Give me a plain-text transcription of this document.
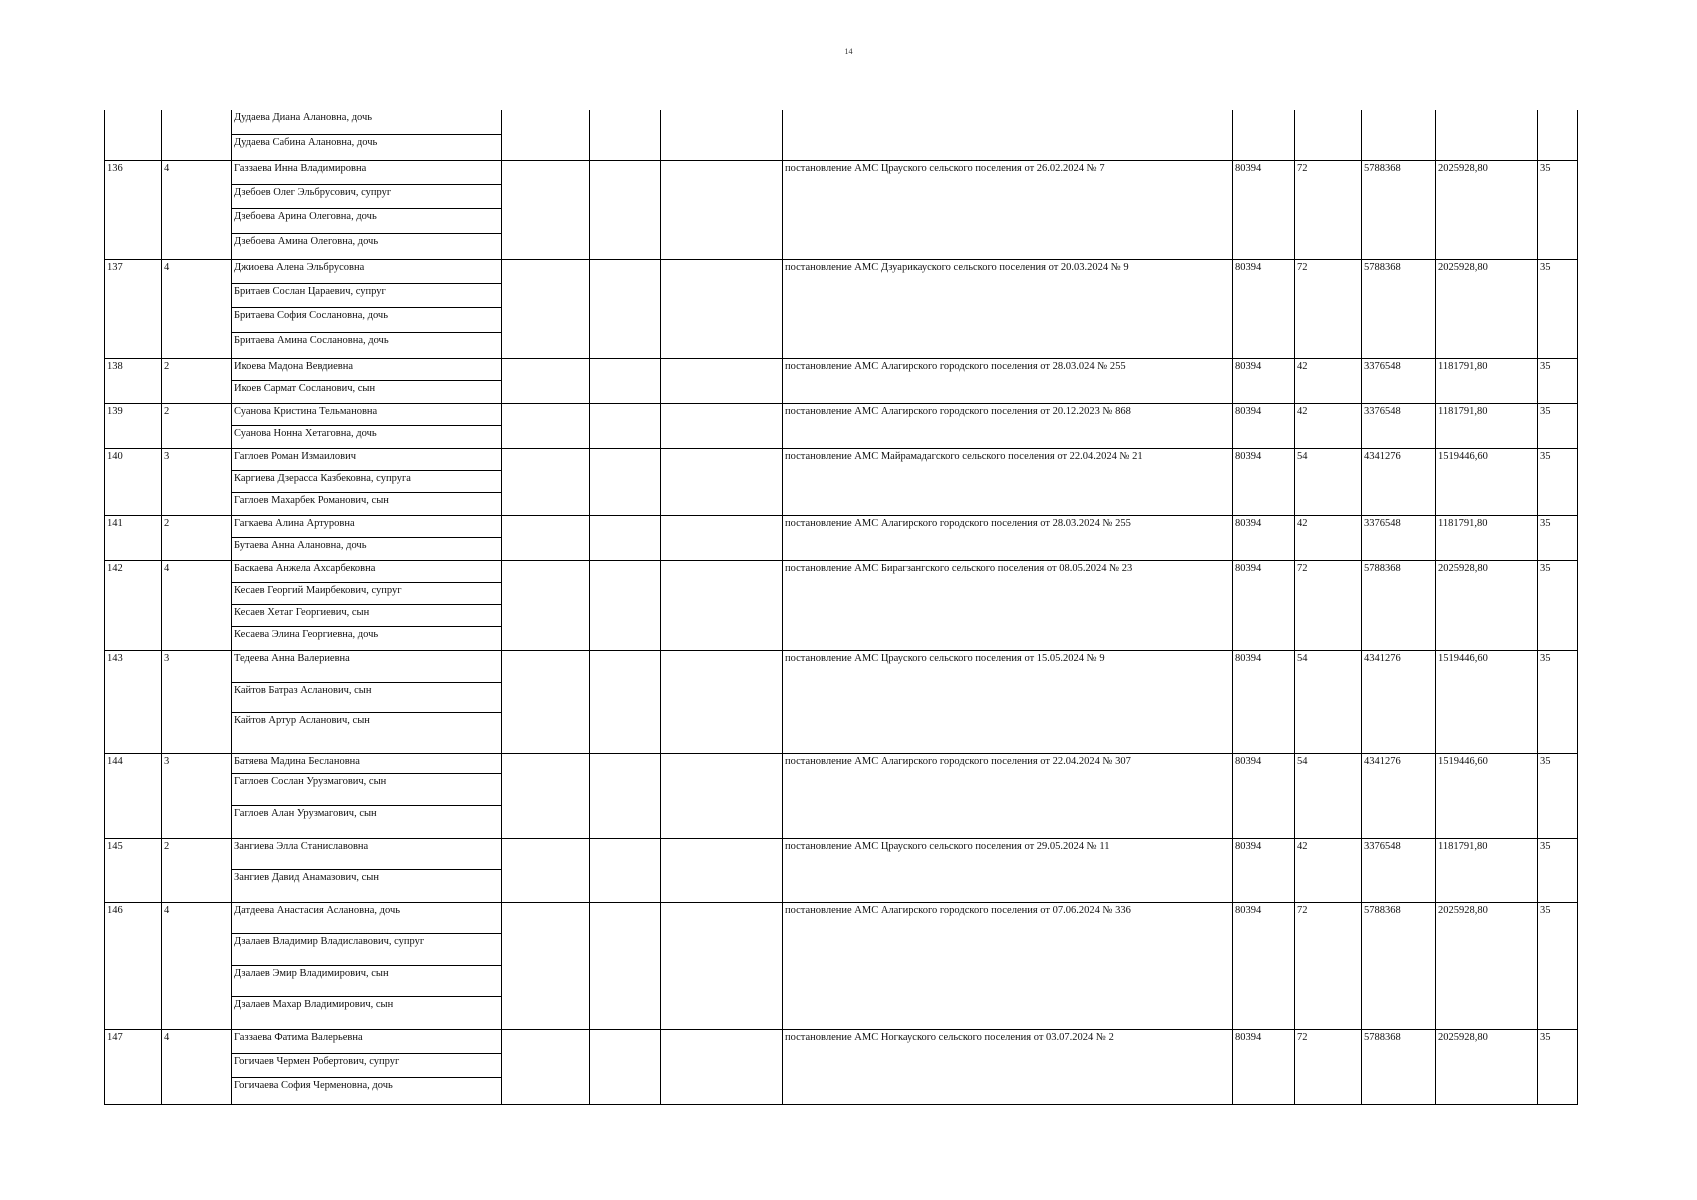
14

		Дудаева Диана Алановна, дочь
Дудаева Сабина Алановна, дочь									

136	4	Газзаева Инна Владимировна
Дзебоев Олег Эльбрусович, супруг
Дзебоева Арина Олеговна, дочь
Дзебоева Амина Олеговна, дочь				постановление АМС Црауского сельского поселения от 26.02.2024 № 7	80394	72	5788368	2025928,80	35
137	4	Джиоева Алена Эльбрусовна
Бритаев Сослан Цараевич, супруг
Бритаева София Сослановна, дочь
Бритаева Амина Сослановна, дочь				постановление АМС Дзуарикауского сельского поселения от 20.03.2024 № 9	80394	72	5788368	2025928,80	35
138	2	Икоева Мадона Вевдиевна
Икоев Сармат Сосланович, сын				постановление АМС Алагирского городского поселения от 28.03.024 № 255	80394	42	3376548	1181791,80	35
139	2	Суанова Кристина Тельмановна
Суанова Нонна Хетаговна, дочь				постановление АМС Алагирского городского поселения от 20.12.2023 № 868	80394	42	3376548	1181791,80	35
140	3	Гаглоев Роман Измаилович
Каргиева Дзерасса Казбековна, супруга
Гаглоев Махарбек Романович, сын				постановление АМС Майрамадагского сельского поселения от 22.04.2024 № 21	80394	54	4341276	1519446,60	35
141	2	Гагкаева Алина Артуровна
Бутаева Анна Алановна, дочь				постановление АМС Алагирского городского поселения от 28.03.2024 № 255	80394	42	3376548	1181791,80	35
142	4	Баскаева Анжела Ахсарбековна
Кесаев Георгий Маирбекович, супруг
Кесаев Хетаг Георгиевич, сын
Кесаева Элина Георгиевна, дочь				постановление АМС Бирагзангского сельского поселения от 08.05.2024 № 23	80394	72	5788368	2025928,80	35
143	3	Тедеева Анна Валериевна
Кайтов Батраз Асланович, сын
Кайтов Артур Асланович, сын				постановление АМС Црауского сельского поселения от 15.05.2024 № 9	80394	54	4341276	1519446,60	35
144	3	Батяева Мадина Беслановна
Гаглоев Сослан Урузмагович, сын
Гаглоев Алан Урузмагович, сын				постановление АМС Алагирского городского поселения от 22.04.2024 № 307	80394	54	4341276	1519446,60	35
145	2	Зангиева Элла Станиславовна
Зангиев Давид Анамазович, сын				постановление АМС Црауского сельского поселения от 29.05.2024 № 11	80394	42	3376548	1181791,80	35
146	4	Датдеева Анастасия Аслановна, дочь
Дзалаев Владимир Владиславович, супруг
Дзалаев Эмир Владимирович, сын
Дзалаев Махар Владимирович, сын				постановление АМС Алагирского городского поселения от 07.06.2024 № 336	80394	72	5788368	2025928,80	35
147	4	Газзаева Фатима Валерьевна
Гогичаев Чермен Робертович, супруг
Гогичаева София Черменовна, дочь				постановление АМС Ногкауского сельского поселения от 03.07.2024 № 2	80394	72	5788368	2025928,80	35
